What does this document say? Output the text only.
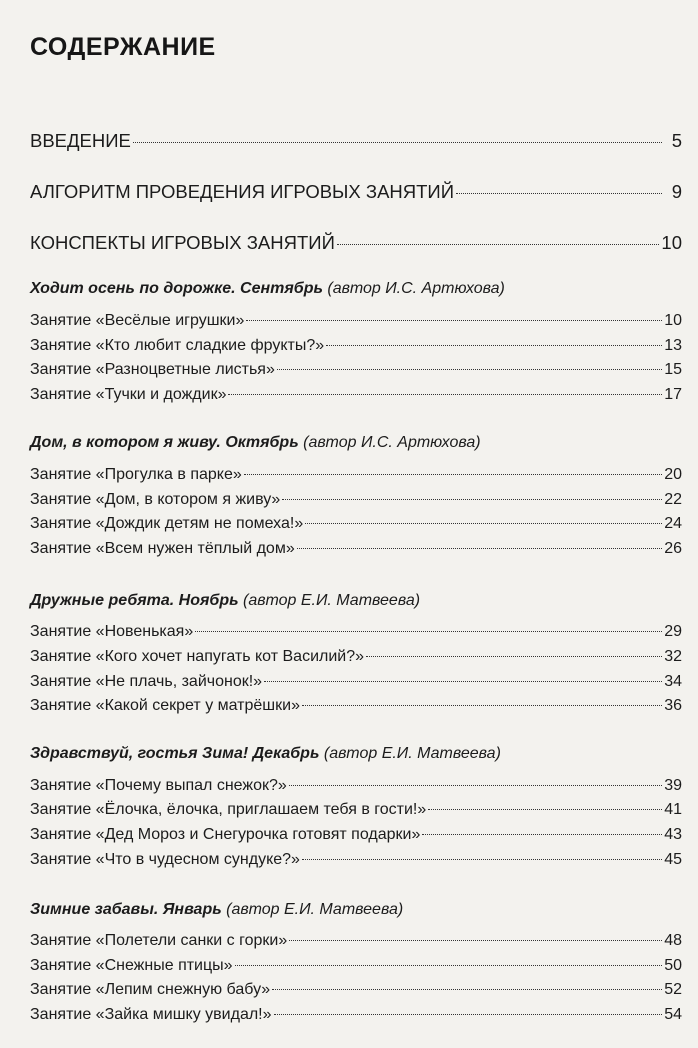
СОДЕРЖАНИЕ
ВВЕДЕНИЕ	5
АЛГОРИТМ ПРОВЕДЕНИЯ ИГРОВЫХ ЗАНЯТИЙ	9
КОНСПЕКТЫ ИГРОВЫХ ЗАНЯТИЙ	10
Ходит осень по дорожке. Сентябрь (автор И.С. Артюхова)
Занятие «Весёлые игрушки»	10
Занятие «Кто любит сладкие фрукты?»	13
Занятие «Разноцветные листья»	15
Занятие «Тучки и дождик»	17
Дом, в котором я живу. Октябрь (автор И.С. Артюхова)
Занятие «Прогулка в парке»	20
Занятие «Дом, в котором я живу»	22
Занятие «Дождик детям не помеха!»	24
Занятие «Всем нужен тёплый дом»	26
Дружные ребята. Ноябрь (автор Е.И. Матвеева)
Занятие «Новенькая»	29
Занятие «Кого хочет напугать кот Василий?»	32
Занятие «Не плачь, зайчонок!»	34
Занятие «Какой секрет у матрёшки»	36
Здравствуй, гостья Зима! Декабрь (автор Е.И. Матвеева)
Занятие «Почему выпал снежок?»	39
Занятие «Ёлочка, ёлочка, приглашаем тебя в гости!»	41
Занятие «Дед Мороз и Снегурочка готовят подарки»	43
Занятие «Что в чудесном сундуке?»	45
Зимние забавы. Январь (автор Е.И. Матвеева)
Занятие «Полетели санки с горки»	48
Занятие «Снежные птицы»	50
Занятие «Лепим снежную бабу»	52
Занятие «Зайка мишку увидал!»	54
